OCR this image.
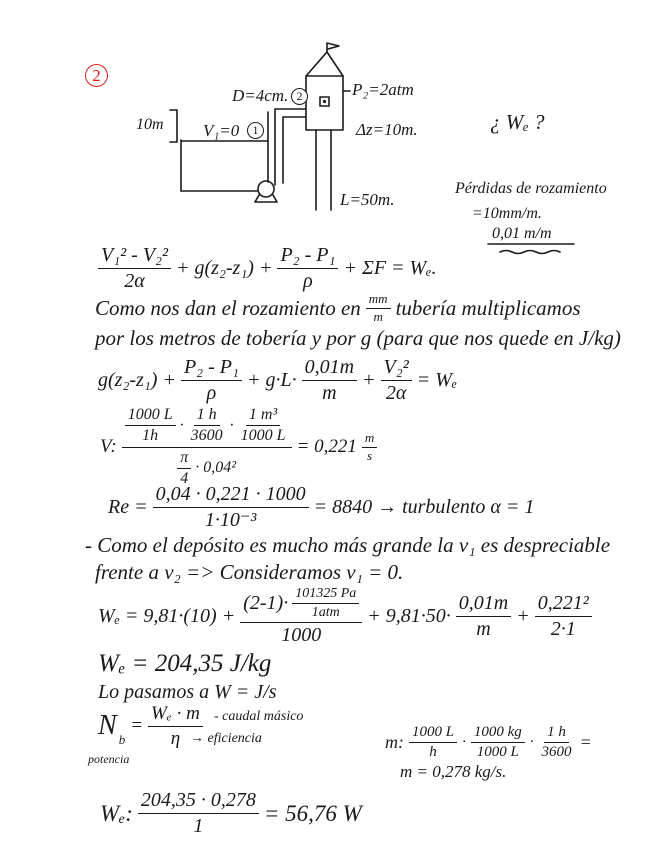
2
10m V₁=0	1
D=4cm. 2	P₂=2atm
Δz=10m.	¿ Wₑ ?
L=50m.
Pérdidas de rozamiento
=10mm/m.
0,01 m/m
$\frac{\text{V₁² - V₂²}}{2\alpha} + g(z_2-z_1) + \frac{\text{P₂ - P₁}}{\rho} + \Sigma F = W_e$.
Como nos dan el rozamiento en $\frac{mm}{m}$ tubería multiplicamos
por los metros de tobería y por g (para que nos quede en J/kg)
$g(z_2-z_1) + \frac{\text{P₂ - P₁}}{\rho} + g\cdot L\cdot \frac{0,01m}{m} + \frac{\text{V₂²}}{2\alpha} = W_e$
V:
$\frac{1000 L}{1h} \cdot \frac{1 h}{3600} \cdot \frac{\text{1 m³}}{1000 L}$
$\frac{\pi}{4} \cdot 0,04^2$
= $0,221 \frac{m}{s}$
$Re = \frac{0,04 \cdot 0,221 \cdot 1000}{\text{1·10⁻³}} = 8840$ → turbulento α = 1
- Como el depósito es mucho más grande la v₁ es despreciable
frente a v₂ => Consideramos v₁ = 0.
$W_e = 9,81\cdot(10) + \frac{(2-1)\cdot \frac{101325 Pa}{\text{1atm}}}{1000} + 9,81\cdot 50\cdot \frac{0,01m}{m} + \frac{\text{0,221²}}{2\cdot 1}$
Wₑ = 204,35 J/kg
Lo pasamos a W = J/s
N b
= $\frac{\text{Wₑ · m}}{\eta}$ - caudal másico
→ eficiencia
potencia
m: $\frac{1000 L}{h} \cdot \frac{1000 kg}{1000 L} \cdot \frac{1 h}{3600}$ =
m = 0,278 kg/s.
Wₑ: $\frac{204,35 \cdot 0,278}{1} = 56,76$ W
